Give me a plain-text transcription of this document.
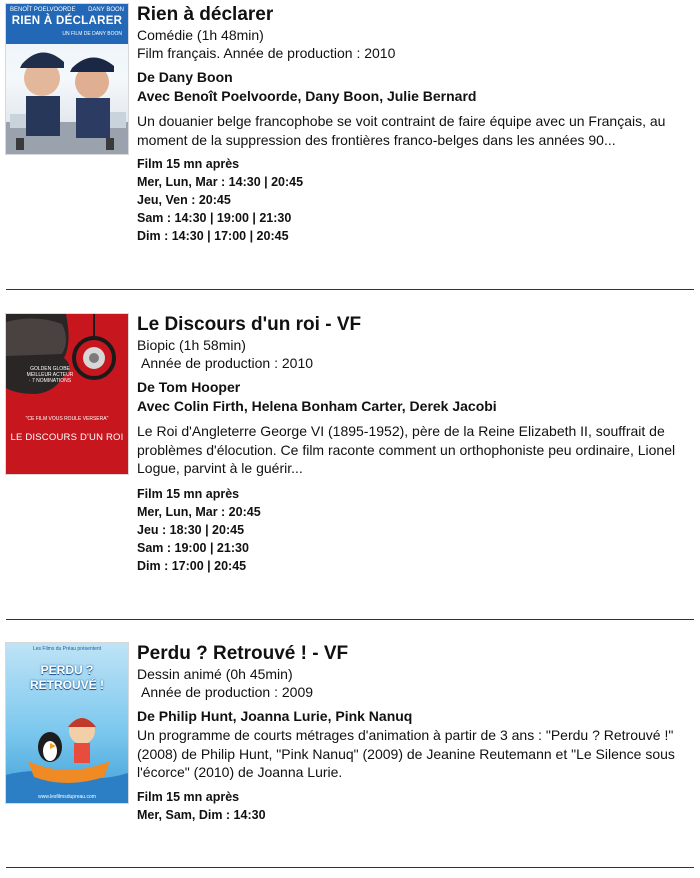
BENOÎT POELVOORDE DANY BOON
RIEN À DÉCLARER
UN FILM DE DANY BOON
Rien à déclarer
Comédie (1h 48min)
Film français. Année de production : 2010
De Dany Boon
Avec Benoît Poelvoorde, Dany Boon, Julie Bernard
Un douanier belge francophobe se voit contraint de faire équipe avec un Français, au moment de la suppression des frontières franco-belges dans les années 90...
Film 15 mn après
Mer, Lun, Mar : 14:30 | 20:45
Jeu, Ven : 20:45
Sam : 14:30 | 19:00 | 21:30
Dim : 14:30 | 17:00 | 20:45
GOLDEN GLOBE MEILLEUR ACTEUR · 7 NOMINATIONS
"CE FILM VOUS ROULE VERSERA"
LE DISCOURS D'UN ROI
Le Discours d'un roi - VF
Biopic (1h 58min)
Année de production : 2010
De Tom Hooper
Avec Colin Firth, Helena Bonham Carter, Derek Jacobi
Le Roi d'Angleterre George VI (1895-1952), père de la Reine Elizabeth II, souffrait de problèmes d'élocution. Ce film raconte comment un orthophoniste peu ordinaire, Lionel Logue, parvint à le guérir...
Film 15 mn après
Mer, Lun, Mar : 20:45
Jeu : 18:30 | 20:45
Sam : 19:00 | 21:30
Dim : 17:00 | 20:45
Les Films du Préau présentent
PERDU ?
RETROUVÉ !
www.lesfilmsdupreau.com
Perdu ? Retrouvé ! - VF
Dessin animé (0h 45min)
Année de production : 2009
De Philip Hunt, Joanna Lurie, Pink Nanuq
Un programme de courts métrages d'animation à partir de 3 ans : "Perdu ? Retrouvé !" (2008) de Philip Hunt, "Pink Nanuq" (2009) de Jeanine Reutemann et "Le Silence sous l'écorce" (2010) de Joanna Lurie.
Film 15 mn après
Mer, Sam, Dim : 14:30
